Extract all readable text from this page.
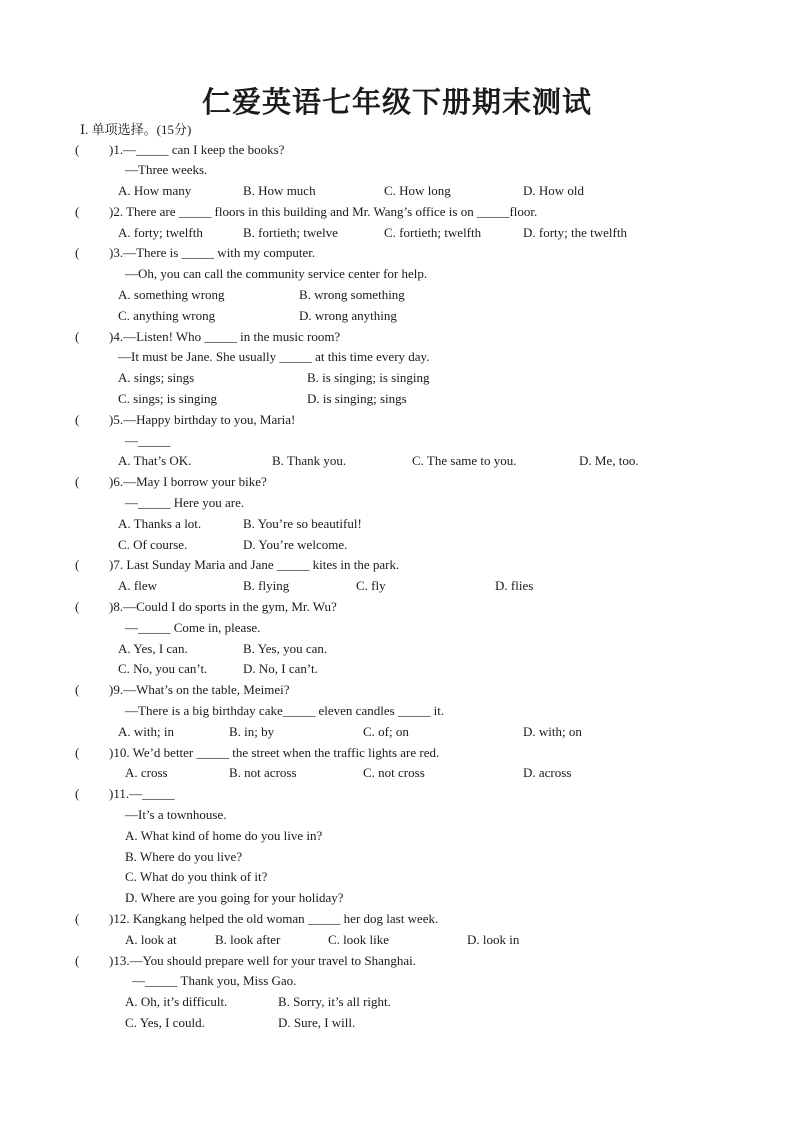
仁爱英语七年级下册期末测试
Ⅰ. 单项选择。(15分)
( )1.—_____ can I keep the books?
—Three weeks.
A. How many	B. How much	C. How long	D. How old
( )2. There are _____ floors in this building and Mr. Wang’s office is on _____floor.
A. forty; twelfth	B. fortieth; twelve	C. fortieth; twelfth	D. forty; the twelfth
( )3.—There is _____ with my computer.
—Oh, you can call the community service center for help.
A. something wrong	B. wrong something
C. anything wrong	D. wrong anything
( )4.—Listen! Who _____ in the music room?
—It must be Jane. She usually _____ at this time every day.
A. sings; sings	B. is singing; is singing
C. sings; is singing	D. is singing; sings
( )5.—Happy birthday to you, Maria!
—_____
A. That’s OK.	B. Thank you.	C. The same to you.	D. Me, too.
( )6.—May I borrow your bike?
—_____ Here you are.
A. Thanks a lot.	B. You’re so beautiful!
C. Of course.	D. You’re welcome.
( )7. Last Sunday Maria and Jane _____ kites in the park.
A. flew	B. flying	C. fly	D. flies
( )8.—Could I do sports in the gym, Mr. Wu?
—_____ Come in, please.
A. Yes, I can.	B. Yes, you can.
C. No, you can’t.	D. No, I can’t.
( )9.—What’s on the table, Meimei?
—There is a big birthday cake_____ eleven candles _____ it.
A. with; in	B. in; by	C. of; on	D. with; on
( )10. We’d better _____ the street when the traffic lights are red.
A. cross	B. not across	C. not cross	D. across
( )11.—_____
—It’s a townhouse.
A. What kind of home do you live in?
B. Where do you live?
C. What do you think of it?
D. Where are you going for your holiday?
( )12. Kangkang helped the old woman _____ her dog last week.
A. look at	B. look after	C. look like	D. look in
( )13.—You should prepare well for your travel to Shanghai.
—_____ Thank you, Miss Gao.
A. Oh, it’s difficult.	B. Sorry, it’s all right.
C. Yes, I could.	D. Sure, I will.
